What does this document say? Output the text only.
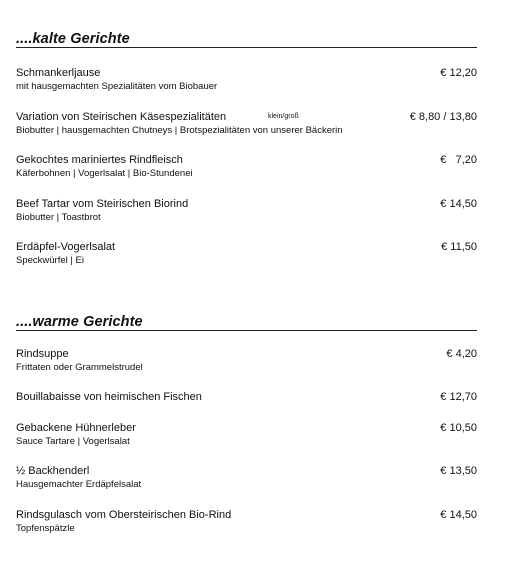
....kalte Gerichte
Schmankerljause
mit hausgemachten Spezialitäten vom Biobauer
€ 12,20
Variation von Steirischen Käsespezialitäten	klein/groß
Biobutter | hausgemachten Chutneys | Brotspezialitäten von unserer Bäckerin
€ 8,80 / 13,80
Gekochtes mariniertes Rindfleisch
Käferbohnen | Vogerlsalat | Bio-Stundenei
€   7,20
Beef Tartar vom Steirischen Biorind
Biobutter | Toastbrot
€ 14,50
Erdäpfel-Vogerlsalat
Speckwürfel | Ei
€ 11,50
....warme Gerichte
Rindsuppe
Frittaten oder Grammelstrudel
€ 4,20
Bouillabaisse von heimischen Fischen	€ 12,70
Gebackene Hühnerleber
Sauce Tartare | Vogerlsalat
€ 10,50
½ Backhenderl
Hausgemachter Erdäpfelsalat
€ 13,50
Rindsgulasch vom Obersteirischen Bio-Rind
Topfenspätzle
€ 14,50
